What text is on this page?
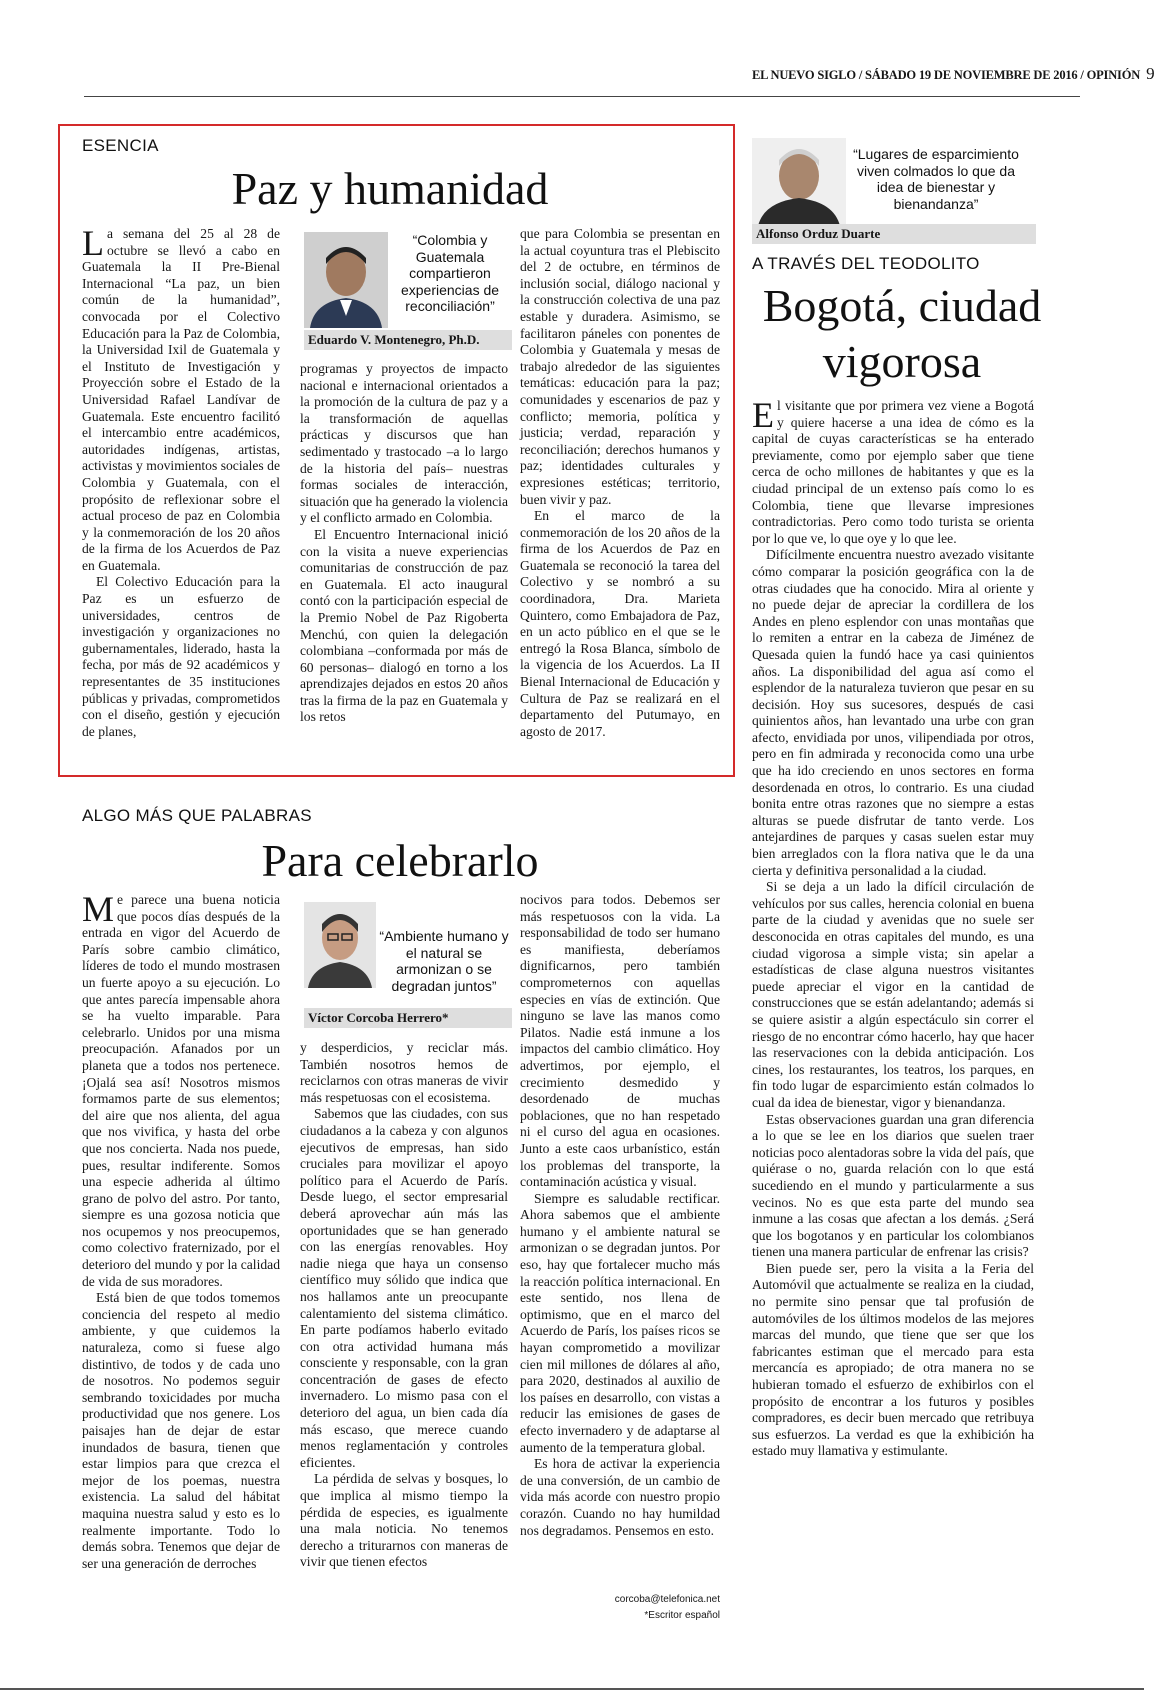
EL NUEVO SIGLO / SÁBADO 19 DE NOVIEMBRE DE 2016 / OPINIÓN 9
ESENCIA
Paz y humanidad

La semana del 25 al 28 de octubre se llevó a cabo en Guatemala la II Pre-Bienal Internacional “La paz, un bien común de la humanidad”, convocada por el Colectivo Educación para la Paz de Colombia, la Universidad Ixil de Guatemala y el Instituto de Investigación y Proyección sobre el Estado de la Universidad Rafael Landívar de Guatemala. Este encuentro facilitó el intercambio entre académicos, autoridades indígenas, artistas, activistas y movimientos sociales de Colombia y Guatemala, con el propósito de reflexionar sobre el actual proceso de paz en Colombia y la conmemoración de los 20 años de la firma de los Acuerdos de Paz en Guatemala.

El Colectivo Educación para la Paz es un esfuerzo de universidades, centros de investigación y organizaciones no gubernamentales, liderado, hasta la fecha, por más de 92 académicos y representantes de 35 instituciones públicas y privadas, comprometidos con el diseño, gestión y ejecución de planes,

“Colombia y Guatemala compartieron experiencias de reconciliación”
Eduardo V. Montenegro, Ph.D.

programas y proyectos de impacto nacional e internacional orientados a la promoción de la cultura de paz y a la transformación de aquellas prácticas y discursos que han sedimentado y trastocado –a lo largo de la historia del país– nuestras formas sociales de interacción, situación que ha generado la violencia y el conflicto armado en Colombia.

El Encuentro Internacional inició con la visita a nueve experiencias comunitarias de construcción de paz en Guatemala. El acto inaugural contó con la participación especial de la Premio Nobel de Paz Rigoberta Menchú, con quien la delegación colombiana –conformada por más de 60 personas– dialogó en torno a los aprendizajes dejados en estos 20 años tras la firma de la paz en Guatemala y los retos

que para Colombia se presentan en la actual coyuntura tras el Plebiscito del 2 de octubre, en términos de inclusión social, diálogo nacional y la construcción colectiva de una paz estable y duradera. Asimismo, se facilitaron páneles con ponentes de Colombia y Guatemala y mesas de trabajo alrededor de las siguientes temáticas: educación para la paz; comunidades y escenarios de paz y conflicto; memoria, política y justicia; verdad, reparación y reconciliación; derechos humanos y paz; identidades culturales y expresiones estéticas; territorio, buen vivir y paz.

En el marco de la conmemoración de los 20 años de la firma de los Acuerdos de Paz en Guatemala se reconoció la tarea del Colectivo y se nombró a su coordinadora, Dra. Marieta Quintero, como Embajadora de Paz, en un acto público en el que se le entregó la Rosa Blanca, símbolo de la vigencia de los Acuerdos. La II Bienal Internacional de Educación y Cultura de Paz se realizará en el departamento del Putumayo, en agosto de 2017.

ALGO MÁS QUE PALABRAS
Para celebrarlo

Me parece una buena noticia que pocos días después de la entrada en vigor del Acuerdo de París sobre cambio climático, líderes de todo el mundo mostrasen un fuerte apoyo a su ejecución. Lo que antes parecía impensable ahora se ha vuelto imparable. Para celebrarlo. Unidos por una misma preocupación. Afanados por un planeta que a todos nos pertenece. ¡Ojalá sea así! Nosotros mismos formamos parte de sus elementos; del aire que nos alienta, del agua que nos vivifica, y hasta del orbe que nos concierta. Nada nos puede, pues, resultar indiferente. Somos una especie adherida al último grano de polvo del astro. Por tanto, siempre es una gozosa noticia que nos ocupemos y nos preocupemos, como colectivo fraternizado, por el deterioro del mundo y por la calidad de vida de sus moradores.

Está bien de que todos tomemos conciencia del respeto al medio ambiente, y que cuidemos la naturaleza, como si fuese algo distintivo, de todos y de cada uno de nosotros. No podemos seguir sembrando toxicidades por mucha productividad que nos genere. Los paisajes han de dejar de estar inundados de basura, tienen que estar limpios para que crezca el mejor de los poemas, nuestra existencia. La salud del hábitat maquina nuestra salud y esto es lo realmente importante. Todo lo demás sobra. Tenemos que dejar de ser una generación de derroches

“Ambiente humano y el natural se armonizan o se degradan juntos”
Víctor Corcoba Herrero*

y desperdicios, y reciclar más. También nosotros hemos de reciclarnos con otras maneras de vivir más respetuosas con el ecosistema.

Sabemos que las ciudades, con sus ciudadanos a la cabeza y con algunos ejecutivos de empresas, han sido cruciales para movilizar el apoyo político para el Acuerdo de París. Desde luego, el sector empresarial deberá aprovechar aún más las oportunidades que se han generado con las energías renovables. Hoy nadie niega que haya un consenso científico muy sólido que indica que nos hallamos ante un preocupante calentamiento del sistema climático. En parte podíamos haberlo evitado con otra actividad humana más consciente y responsable, con la gran concentración de gases de efecto invernadero. Lo mismo pasa con el deterioro del agua, un bien cada día más escaso, que merece cuando menos reglamentación y controles eficientes.

La pérdida de selvas y bosques, lo que implica al mismo tiempo la pérdida de especies, es igualmente una mala noticia. No tenemos derecho a triturarnos con maneras de vivir que tienen efectos

nocivos para todos. Debemos ser más respetuosos con la vida. La responsabilidad de todo ser humano es manifiesta, deberíamos dignificarnos, pero también comprometernos con aquellas especies en vías de extinción. Que ninguno se lave las manos como Pilatos. Nadie está inmune a los impactos del cambio climático. Hoy advertimos, por ejemplo, el crecimiento desmedido y desordenado de muchas poblaciones, que no han respetado ni el curso del agua en ocasiones. Junto a este caos urbanístico, están los problemas del transporte, la contaminación acústica y visual.

Siempre es saludable rectificar. Ahora sabemos que el ambiente humano y el ambiente natural se armonizan o se degradan juntos. Por eso, hay que fortalecer mucho más la reacción política internacional. En este sentido, nos llena de optimismo, que en el marco del Acuerdo de París, los países ricos se hayan comprometido a movilizar cien mil millones de dólares al año, para 2020, destinados al auxilio de los países en desarrollo, con vistas a reducir las emisiones de gases de efecto invernadero y de adaptarse al aumento de la temperatura global.

Es hora de activar la experiencia de una conversión, de un cambio de vida más acorde con nuestro propio corazón. Cuando no hay humildad nos degradamos. Pensemos en esto.

corcoba@telefonica.net
*Escritor español
“Lugares de esparcimiento viven colmados lo que da idea de bienestar y bienandanza”
Alfonso Orduz Duarte
A TRAVÉS DEL TEODOLITO
Bogotá, ciudad
vigorosa

El visitante que por primera vez viene a Bogotá y quiere hacerse a una idea de cómo es la capital de cuyas características se ha enterado previamente, como por ejemplo saber que tiene cerca de ocho millones de habitantes y que es la ciudad principal de un extenso país como lo es Colombia, tiene que llevarse impresiones contradictorias. Pero como todo turista se orienta por lo que ve, lo que oye y lo que lee.

Difícilmente encuentra nuestro avezado visitante cómo comparar la posición geográfica con la de otras ciudades que ha conocido. Mira al oriente y no puede dejar de apreciar la cordillera de los Andes en pleno esplendor con unas montañas que lo remiten a entrar en la cabeza de Jiménez de Quesada quien la fundó hace ya casi quinientos años. La disponibilidad del agua así como el esplendor de la naturaleza tuvieron que pesar en su decisión. Hoy sus sucesores, después de casi quinientos años, han levantado una urbe con gran afecto, envidiada por unos, vilipendiada por otros, pero en fin admirada y reconocida como una urbe que ha ido creciendo en unos sectores en forma desordenada en otros, lo contrario. Es una ciudad bonita entre otras razones que no siempre a estas alturas se puede disfrutar de tanto verde. Los antejardines de parques y casas suelen estar muy bien arreglados con la flora nativa que le da una cierta y definitiva personalidad a la ciudad.

Si se deja a un lado la difícil circulación de vehículos por sus calles, herencia colonial en buena parte de la ciudad y avenidas que no suele ser desconocida en otras capitales del mundo, es una ciudad vigorosa a simple vista; sin apelar a estadísticas de clase alguna nuestros visitantes puede apreciar el vigor en la cantidad de construcciones que se están adelantando; además si se quiere asistir a algún espectáculo sin correr el riesgo de no encontrar cómo hacerlo, hay que hacer las reservaciones con la debida anticipación. Los cines, los restaurantes, los teatros, los parques, en fin todo lugar de esparcimiento están colmados lo cual da idea de bienestar, vigor y bienandanza.

Estas observaciones guardan una gran diferencia a lo que se lee en los diarios que suelen traer noticias poco alentadoras sobre la vida del país, que quiérase o no, guarda relación con lo que está sucediendo en el mundo y particularmente a sus vecinos. No es que esta parte del mundo sea inmune a las cosas que afectan a los demás. ¿Será que los bogotanos y en particular los colombianos tienen una manera particular de enfrenar las crisis?

Bien puede ser, pero la visita a la Feria del Automóvil que actualmente se realiza en la ciudad, no permite sino pensar que tal profusión de automóviles de los últimos modelos de las mejores marcas del mundo, que tiene que ser que los fabricantes estiman que el mercado para esta mercancía es apropiado; de otra manera no se hubieran tomado el esfuerzo de exhibirlos con el propósito de encontrar a los futuros y posibles compradores, es decir buen mercado que retribuya sus esfuerzos. La verdad es que la exhibición ha estado muy llamativa y estimulante.
